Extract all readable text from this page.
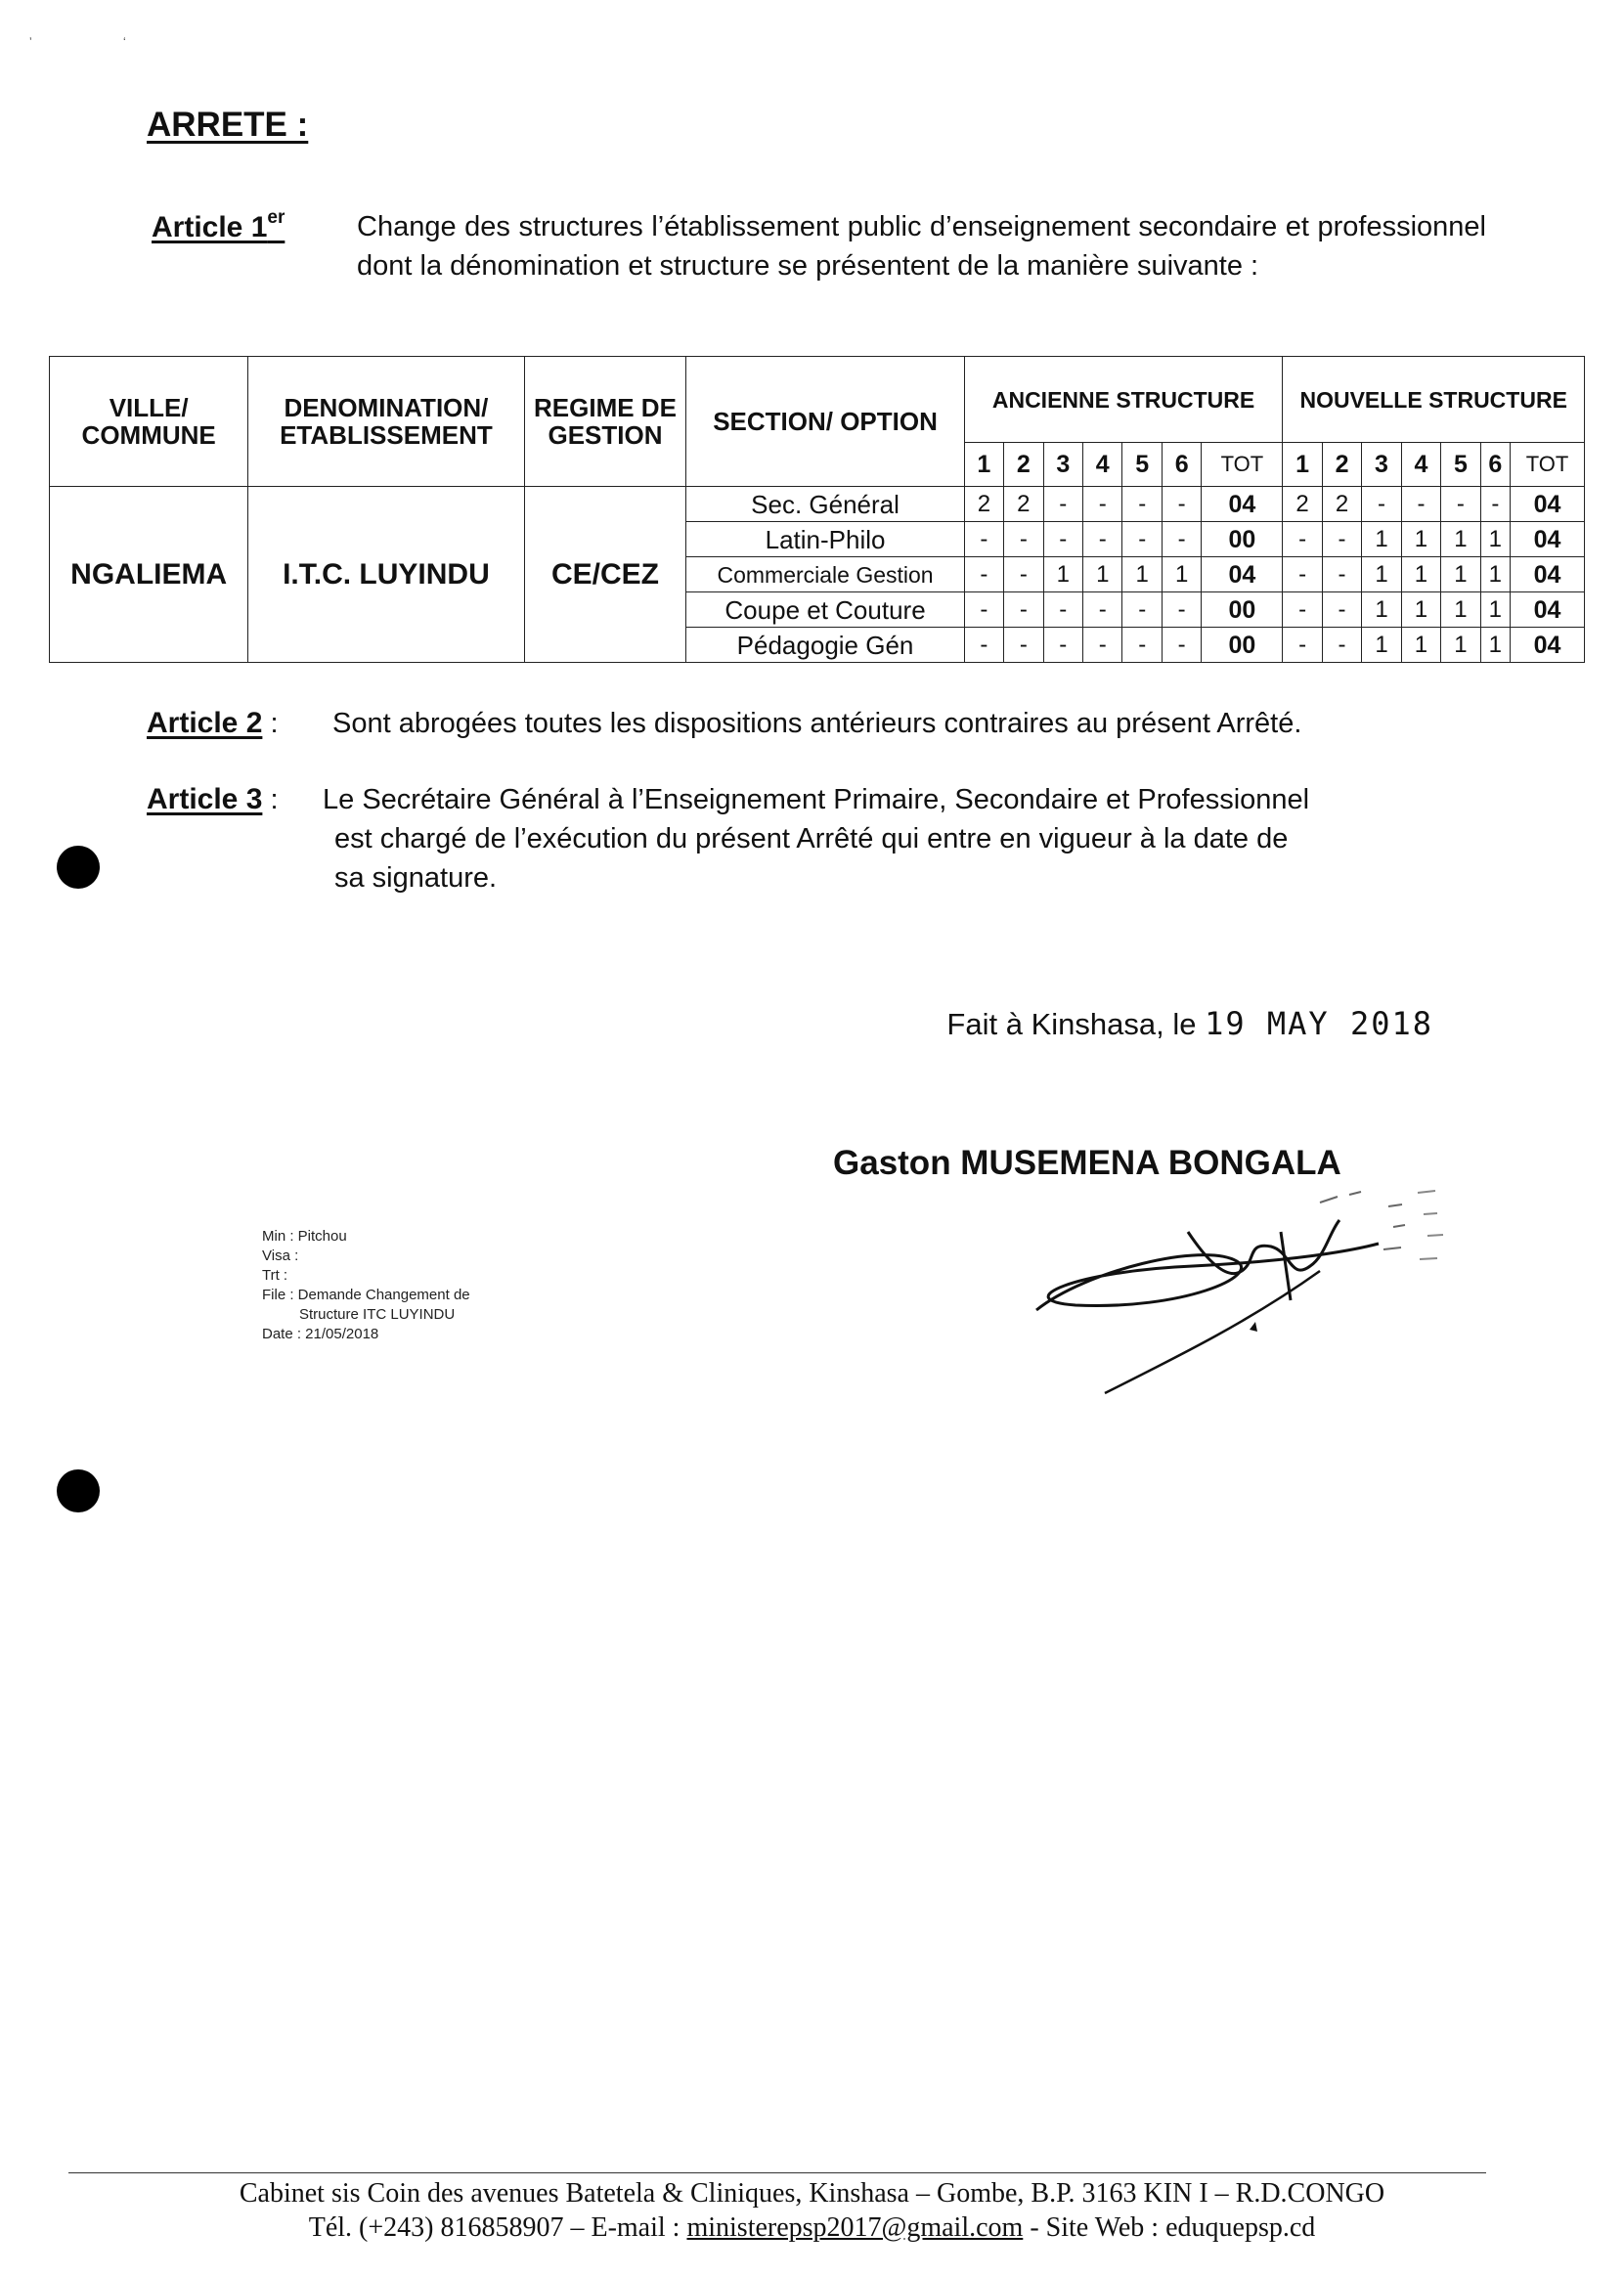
ʼ	ʻ
ARRETE :
Article 1er	Change des structures l’établissement public d’enseignement secondaire et professionnel dont la dénomination et structure se présentent de la manière suivante :
VILLE/ COMMUNE	DENOMINATION/ ETABLISSEMENT	REGIME DE GESTION	SECTION/ OPTION	ANCIENNE STRUCTURE							NOUVELLE STRUCTURE						
				1	2	3	4	5	6	TOT	1	2	3	4	5	6	TOT
NGALIEMA	I.T.C. LUYINDU	CE/CEZ	Sec. Général	2	2	-	-	-	-	04	2	2	-	-	-	-	04
			Latin-Philo	-	-	-	-	-	-	00	-	-	1	1	1	1	04
			Commerciale Gestion	-	-	1	1	1	1	04	-	-	1	1	1	1	04
			Coupe et Couture	-	-	-	-	-	-	00	-	-	1	1	1	1	04
			Pédagogie Gén	-	-	-	-	-	-	00	-	-	1	1	1	1	04
Article 2 : Sont abrogées toutes les dispositions antérieurs contraires au présent Arrêté.
Article 3 : Le Secrétaire Général à l’Enseignement Primaire, Secondaire et Professionnel
est chargé de l’exécution du présent Arrêté qui entre en vigueur à la date de
sa signature.
Fait à Kinshasa, le 19 MAY 2018
Gaston MUSEMENA BONGALA
Min : Pitchou
Visa :
Trt :
File : Demande Changement de
Structure ITC LUYINDU
Date : 21/05/2018
Cabinet sis Coin des avenues Batetela & Cliniques, Kinshasa – Gombe, B.P. 3163 KIN I – R.D.CONGO
Tél. (+243) 816858907 – E-mail : ministerepsp2017@gmail.com - Site Web : eduquepsp.cd
